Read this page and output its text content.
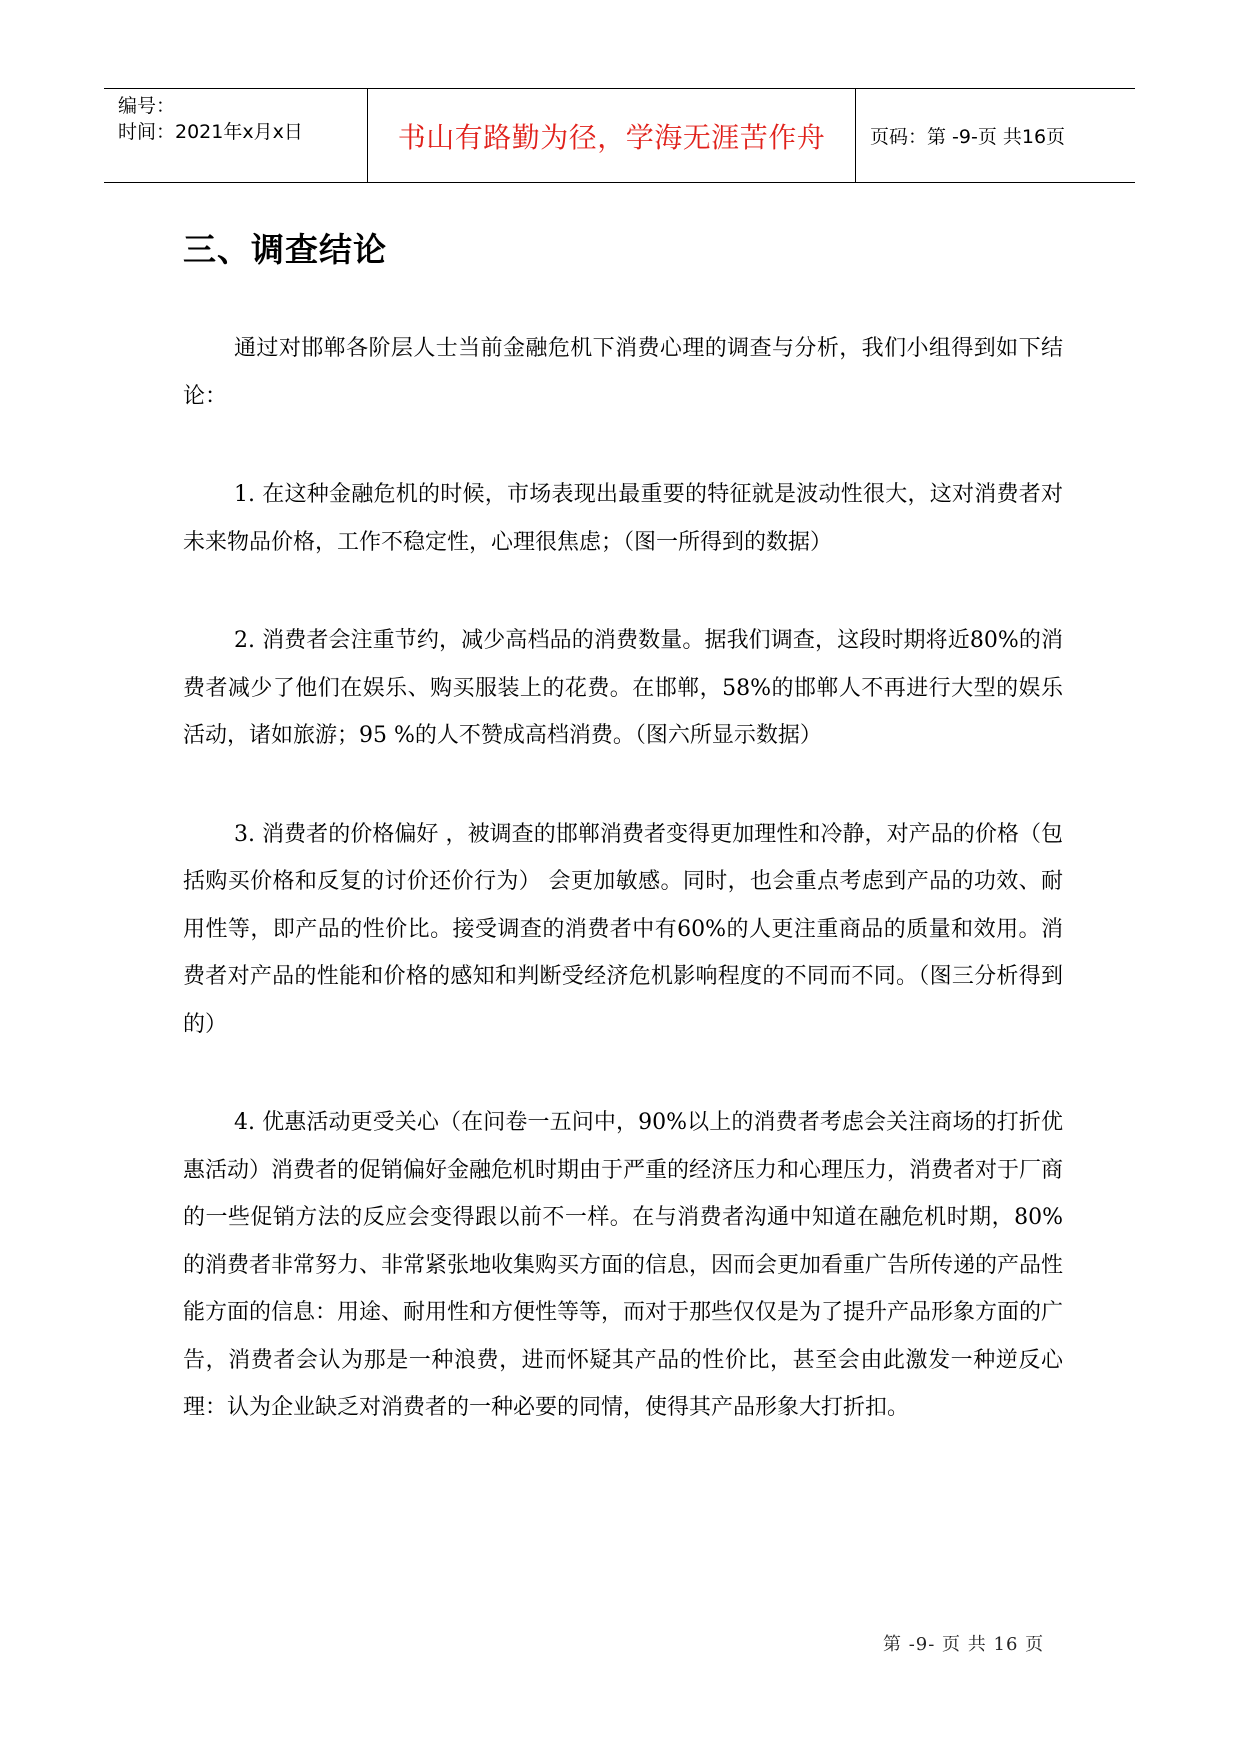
编号：
时间：2021年x月x日	书山有路勤为径，学海无涯苦作舟 页码：第 -9-页 共16页
三、调查结论

通过对邯郸各阶层人士当前金融危机下消费心理的调查与分析，我们小组得到如下结论：

1. 在这种金融危机的时候，市场表现出最重要的特征就是波动性很大，这对消费者对未来物品价格，工作不稳定性，心理很焦虑；（图一所得到的数据）

2. 消费者会注重节约，减少高档品的消费数量。据我们调查，这段时期将近80%的消费者减少了他们在娱乐、购买服装上的花费。在邯郸，58%的邯郸人不再进行大型的娱乐活动，诸如旅游；95 %的人不赞成高档消费。（图六所显示数据）

3. 消费者的价格偏好 ，被调查的邯郸消费者变得更加理性和冷静，对产品的价格（包括购买价格和反复的讨价还价行为） 会更加敏感。同时，也会重点考虑到产品的功效、耐用性等，即产品的性价比。接受调查的消费者中有60%的人更注重商品的质量和效用。消费者对产品的性能和价格的感知和判断受经济危机影响程度的不同而不同。（图三分析得到的）

4. 优惠活动更受关心（在问卷一五问中，90%以上的消费者考虑会关注商场的打折优惠活动）消费者的促销偏好金融危机时期由于严重的经济压力和心理压力，消费者对于厂商的一些促销方法的反应会变得跟以前不一样。在与消费者沟通中知道在融危机时期，80%的消费者非常努力、非常紧张地收集购买方面的信息，因而会更加看重广告所传递的产品性能方面的信息：用途、耐用性和方便性等等，而对于那些仅仅是为了提升产品形象方面的广告，消费者会认为那是一种浪费，进而怀疑其产品的性价比，甚至会由此激发一种逆反心理：认为企业缺乏对消费者的一种必要的同情，使得其产品形象大打折扣。

第 -9- 页 共 16 页
